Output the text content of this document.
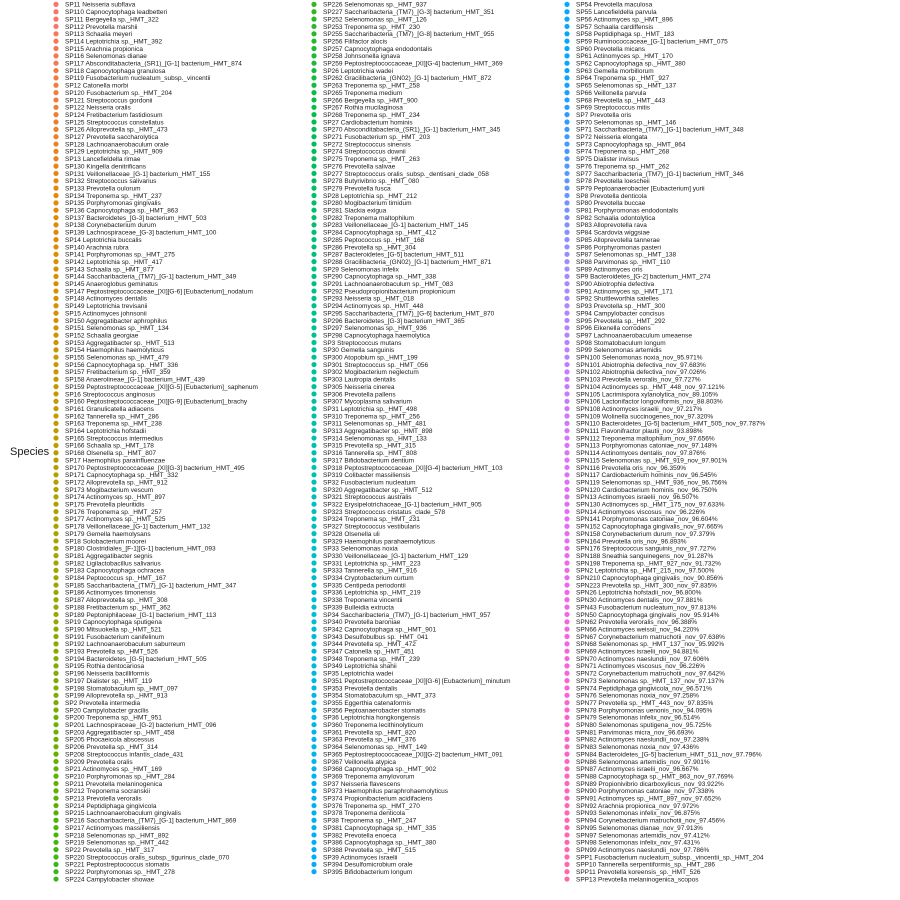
Species
SP11 Neisseria subflava
SP110 Capnocytophaga leadbetteri
SP111 Bergeyella sp._HMT_322
SP112 Prevotella marshii
SP113 Schaalia meyeri
SP114 Leptotrichia sp._HMT_392
SP115 Arachnia propionica
SP116 Selenomonas dianae
SP117 Absconditabacteria_(SR1)_[G-1] bacterium_HMT_874
SP118 Capnocytophaga granulosa
SP119 Fusobacterium nucleatum_subsp._vincentii
SP12 Catonella morbi
SP120 Fusobacterium sp._HMT_204
SP121 Streptococcus gordonii
SP122 Neisseria oralis
SP124 Fretibacterium fastidiosum
SP125 Streptococcus constellatus
SP126 Alloprevotella sp._HMT_473
SP127 Prevotella saccharolytica
SP128 Lachnoanaerobaculum orale
SP129 Leptotrichia sp._HMT_909
SP13 Lancefieldella rimae
SP130 Kingella denitrificans
SP131 Veillonellaceae_[G-1] bacterium_HMT_155
SP132 Streptococcus salivarius
SP133 Prevotella oulorum
SP134 Treponema sp._HMT_237
SP135 Porphyromonas gingivalis
SP136 Capnocytophaga sp._HMT_863
SP137 Bacteroidetes_[G-3] bacterium_HMT_503
SP138 Corynebacterium durum
SP139 Lachnospiraceae_[G-3] bacterium_HMT_100
SP14 Leptotrichia buccalis
SP140 Arachnia rubra
SP141 Porphyromonas sp._HMT_275
SP142 Leptotrichia sp._HMT_417
SP143 Schaalia sp._HMT_877
SP144 Saccharibacteria_(TM7)_[G-1] bacterium_HMT_349
SP145 Anaeroglobus geminatus
SP147 Peptostreptococcaceae_[XI][G-6] [Eubacterium]_nodatum
SP148 Actinomyces dentalis
SP149 Leptotrichia trevisanii
SP15 Actinomyces johnsonii
SP150 Aggregatibacter aphrophilus
SP151 Selenomonas sp._HMT_134
SP152 Schaalia georgiae
SP153 Aggregatibacter sp._HMT_513
SP154 Haemophilus haemolyticus
SP155 Selenomonas sp._HMT_479
SP156 Capnocytophaga sp._HMT_336
SP157 Fretibacterium sp._HMT_359
SP158 Anaerolineae_[G-1] bacterium_HMT_439
SP159 Peptostreptococcaceae_[XI][G-5] [Eubacterium]_saphenum
SP16 Streptococcus anginosus
SP160 Peptostreptococcaceae_[XI][G-9] [Eubacterium]_brachy
SP161 Granulicatella adiacens
SP162 Tannerella sp._HMT_286
SP163 Treponema sp._HMT_238
SP164 Leptotrichia hofstadii
SP165 Streptococcus intermedius
SP166 Schaalia sp._HMT_178
SP168 Olsenella sp._HMT_807
SP17 Haemophilus parainfluenzae
SP170 Peptostreptococcaceae_[XI][G-3] bacterium_HMT_495
SP171 Capnocytophaga sp._HMT_332
SP172 Alloprevotella sp._HMT_912
SP173 Mogibacterium vescum
SP174 Actinomyces sp._HMT_897
SP175 Prevotella pleuritidis
SP176 Treponema sp._HMT_257
SP177 Actinomyces sp._HMT_525
SP178 Veillonellaceae_[G-1] bacterium_HMT_132
SP179 Gemella haemolysans
SP18 Solobacterium moorei
SP180 Clostridiales_[F-1][G-1] bacterium_HMT_093
SP181 Aggregatibacter segnis
SP182 Ligilactobacillus salivarius
SP183 Capnocytophaga ochracea
SP184 Peptococcus sp._HMT_167
SP185 Saccharibacteria_(TM7)_[G-1] bacterium_HMT_347
SP186 Actinomyces timonensis
SP187 Alloprevotella sp._HMT_308
SP188 Fretibacterium sp._HMT_362
SP189 Peptoniphilaceae_[G-1] bacterium_HMT_113
SP19 Capnocytophaga sputigena
SP190 Mitsuokella sp._HMT_521
SP191 Fusobacterium canifelinum
SP192 Lachnoanaerobaculum saburreum
SP193 Prevotella sp._HMT_526
SP194 Bacteroidetes_[G-5] bacterium_HMT_505
SP195 Rothia dentocariosa
SP196 Neisseria bacilliformis
SP197 Dialister sp._HMT_119
SP198 Stomatobaculum sp._HMT_097
SP199 Alloprevotella sp._HMT_913
SP2 Prevotella intermedia
SP20 Campylobacter gracilis
SP200 Treponema sp._HMT_951
SP201 Lachnospiraceae_[G-2] bacterium_HMT_096
SP203 Aggregatibacter sp._HMT_458
SP205 Phocaeicola abscessus
SP206 Prevotella sp._HMT_314
SP208 Streptococcus infantis_clade_431
SP209 Prevotella oralis
SP21 Actinomyces sp._HMT_169
SP210 Porphyromonas sp._HMT_284
SP211 Prevotella melaninogenica
SP212 Treponema socranskii
SP213 Prevotella veroralis
SP214 Peptidiphaga gingivicola
SP215 Lachnoanaerobaculum gingivalis
SP216 Saccharibacteria_(TM7)_[G-1] bacterium_HMT_869
SP217 Actinomyces massiliensis
SP218 Selenomonas sp._HMT_892
SP219 Selenomonas sp._HMT_442
SP22 Prevotella sp._HMT_317
SP220 Streptococcus oralis_subsp._tigurinus_clade_070
SP221 Peptostreptococcus stomatis
SP222 Porphyromonas sp._HMT_278
SP224 Campylobacter showae
SP226 Selenomonas sp._HMT_937
SP227 Saccharibacteria_(TM7)_[G-3] bacterium_HMT_351
SP252 Selenomonas sp._HMT_126
SP253 Treponema sp._HMT_230
SP255 Saccharibacteria_(TM7)_[G-8] bacterium_HMT_955
SP256 Filifactor alocis
SP257 Capnocytophaga endodontalis
SP258 Johnsonella ignava
SP259 Peptostreptococcaceae_[XI][G-4] bacterium_HMT_369
SP26 Leptotrichia wadei
SP262 Gracilibacteria_(GN02)_[G-1] bacterium_HMT_872
SP263 Treponema sp._HMT_258
SP265 Treponema medium
SP266 Bergeyella sp._HMT_900
SP267 Rothia mucilaginosa
SP268 Treponema sp._HMT_234
SP27 Cardiobacterium hominis
SP270 Absconditabacteria_(SR1)_[G-1] bacterium_HMT_345
SP271 Fusobacterium sp._HMT_203
SP272 Streptococcus sinensis
SP274 Streptococcus downii
SP275 Treponema sp._HMT_263
SP276 Prevotella salivae
SP277 Streptococcus oralis_subsp._dentisani_clade_058
SP278 Butyrivibrio sp._HMT_080
SP279 Prevotella fusca
SP28 Leptotrichia sp._HMT_212
SP280 Mogibacterium timidum
SP281 Slackia exigua
SP282 Treponema maltophilum
SP283 Veillonellaceae_[G-1] bacterium_HMT_145
SP284 Capnocytophaga sp._HMT_412
SP285 Peptococcus sp._HMT_168
SP286 Prevotella sp._HMT_304
SP287 Bacteroidetes_[G-5] bacterium_HMT_511
SP288 Gracilibacteria_(GN02)_[G-1] bacterium_HMT_871
SP29 Selenomonas infelix
SP290 Capnocytophaga sp._HMT_338
SP291 Lachnoanaerobaculum sp._HMT_083
SP292 Pseudopropionibacterium propionicum
SP293 Neisseria sp._HMT_018
SP294 Actinomyces sp._HMT_448
SP295 Saccharibacteria_(TM7)_[G-6] bacterium_HMT_870
SP296 Bacteroidetes_[G-3] bacterium_HMT_365
SP297 Selenomonas sp._HMT_936
SP298 Capnocytophaga haemolytica
SP3 Streptococcus mutans
SP30 Gemella sanguinis
SP300 Atopobium sp._HMT_199
SP301 Streptococcus sp._HMT_056
SP302 Mogibacterium neglectum
SP303 Lautropia dentalis
SP305 Neisseria cinerea
SP306 Prevotella pallens
SP307 Mycoplasma salivarium
SP31 Leptotrichia sp._HMT_498
SP310 Treponema sp._HMT_256
SP311 Selenomonas sp._HMT_481
SP313 Aggregatibacter sp._HMT_898
SP314 Selenomonas sp._HMT_133
SP315 Prevotella sp._HMT_315
SP316 Tannerella sp._HMT_808
SP317 Bifidobacterium dentium
SP318 Peptostreptococcaceae_[XI][G-4] bacterium_HMT_103
SP319 Colibacter massiliensis
SP32 Fusobacterium nucleatum
SP320 Aggregatibacter sp._HMT_512
SP321 Streptococcus australis
SP322 Erysipelotrichaceae_[G-1] bacterium_HMT_905
SP323 Streptococcus cristatus_clade_578
SP324 Treponema sp._HMT_231
SP327 Streptococcus vestibularis
SP328 Olsenella uli
SP329 Haemophilus parahaemolyticus
SP33 Selenomonas noxia
SP330 Veillonellaceae_[G-1] bacterium_HMT_129
SP331 Leptotrichia sp._HMT_223
SP333 Tannerella sp._HMT_916
SP334 Cryptobacterium curtum
SP335 Centipeda periodontii
SP336 Leptotrichia sp._HMT_219
SP338 Treponema vincentii
SP339 Bulleidia extructa
SP34 Saccharibacteria_(TM7)_[G-1] bacterium_HMT_957
SP340 Prevotella baroniae
SP342 Capnocytophaga sp._HMT_901
SP343 Desulfobulbus sp._HMT_041
SP344 Prevotella sp._HMT_472
SP347 Catonella sp._HMT_451
SP348 Treponema sp._HMT_239
SP349 Leptotrichia shahii
SP35 Leptotrichia wadei
SP351 Peptostreptococcaceae_[XI][G-6] [Eubacterium]_minutum
SP353 Prevotella dentalis
SP354 Stomatobaculum sp._HMT_373
SP355 Eggerthia catenaformis
SP356 Peptoanaerobacter stomatis
SP36 Leptotrichia hongkongensis
SP360 Treponema lecithinolyticum
SP361 Prevotella sp._HMT_820
SP363 Prevotella sp._HMT_376
SP364 Selenomonas sp._HMT_149
SP365 Peptostreptococcaceae_[XI][G-2] bacterium_HMT_091
SP367 Veillonella atypica
SP368 Capnocytophaga sp._HMT_902
SP369 Treponema amylovorum
SP37 Neisseria flavescens
SP373 Haemophilus paraphrohaemolyticus
SP374 Propionibacterium acidifaciens
SP376 Treponema sp._HMT_270
SP378 Treponema denticola
SP38 Treponema sp._HMT_247
SP381 Capnocytophaga sp._HMT_335
SP382 Prevotella enoeca
SP386 Capnocytophaga sp._HMT_380
SP388 Prevotella sp._HMT_515
SP39 Actinomyces israelii
SP394 Desulfomicrobium orale
SP395 Bifidobacterium longum
SP54 Prevotella maculosa
SP55 Lancefieldella parvula
SP56 Actinomyces sp._HMT_896
SP57 Schaalia cardiffensis
SP58 Peptidiphaga sp._HMT_183
SP59 Ruminococcaceae_[G-1] bacterium_HMT_075
SP60 Prevotella micans
SP61 Actinomyces sp._HMT_170
SP62 Capnocytophaga sp._HMT_380
SP63 Gemella morbillorum
SP64 Treponema sp._HMT_927
SP65 Selenomonas sp._HMT_137
SP66 Veillonella parvula
SP68 Prevotella sp._HMT_443
SP69 Streptococcus mitis
SP7 Prevotella oris
SP70 Selenomonas sp._HMT_146
SP71 Saccharibacteria_(TM7)_[G-1] bacterium_HMT_348
SP72 Neisseria elongata
SP73 Capnocytophaga sp._HMT_864
SP74 Treponema sp._HMT_268
SP75 Dialister invisus
SP76 Treponema sp._HMT_262
SP77 Saccharibacteria_(TM7)_[G-1] bacterium_HMT_346
SP78 Prevotella loescheii
SP79 Peptoanaerobacter [Eubacterium] yurii
SP8 Prevotella denticola
SP80 Prevotella buccae
SP81 Porphyromonas endodontalis
SP82 Schaalia odontolytica
SP83 Alloprevotella rava
SP84 Scardovia wiggsiae
SP85 Alloprevotella tannerae
SP86 Porphyromonas pasteri
SP87 Selenomonas sp._HMT_138
SP88 Parvimonas sp._HMT_110
SP89 Actinomyces oris
SP9 Bacteroidetes_[G-2] bacterium_HMT_274
SP90 Abiotrophia defectiva
SP91 Actinomyces sp._HMT_171
SP92 Shuttleworthia satelles
SP93 Prevotella sp._HMT_300
SP94 Campylobacter concisus
SP95 Prevotella sp._HMT_292
SP96 Eikenella corrodens
SP97 Lachnoanaerobaculum umeaense
SP98 Stomatobaculum longum
SP99 Selenomonas artemidis
SPN100 Selenomonas noxia_nov_95.971%
SPN101 Abiotrophia defectiva_nov_97.683%
SPN102 Abiotrophia defectiva_nov_97.026%
SPN103 Prevotella veroralis_nov_97.727%
SPN104 Actinomyces sp._HMT_448_nov_97.121%
SPN105 Lacrimispora xylanolytica_nov_89.105%
SPN106 Lactonifactor longoviformis_nov_88.803%
SPN108 Actinomyces israelii_nov_97.217%
SPN109 Wolinella succinogenes_nov_97.320%
SPN110 Bacteroidetes_[G-5] bacterium_HMT_505_nov_97.787%
SPN111 Flavonifractor plautii_nov_93.898%
SPN112 Treponema maltophilum_nov_97.656%
SPN113 Porphyromonas catoniae_nov_97.148%
SPN114 Actinomyces dentalis_nov_97.876%
SPN115 Selenomonas sp._HMT_919_nov_97.901%
SPN116 Prevotella oris_nov_96.359%
SPN117 Cardiobacterium hominis_nov_96.545%
SPN119 Selenomonas sp._HMT_936_nov_96.756%
SPN120 Cardiobacterium hominis_nov_96.750%
SPN13 Actinomyces israelii_nov_96.507%
SPN130 Actinomyces sp._HMT_175_nov_97.633%
SPN14 Actinomyces viscosus_nov_96.226%
SPN141 Porphyromonas catoniae_nov_96.604%
SPN152 Capnocytophaga gingivalis_nov_97.665%
SPN158 Corynebacterium durum_nov_97.379%
SPN164 Prevotella oris_nov_96.893%
SPN176 Streptococcus sanguinis_nov_97.727%
SPN188 Sneathia sanguinegens_nov_91.287%
SPN198 Treponema sp._HMT_927_nov_91.732%
SPN2 Leptotrichia sp._HMT_215_nov_97.500%
SPN210 Capnocytophaga gingivalis_nov_90.856%
SPN223 Prevotella sp._HMT_300_nov_97.835%
SPN26 Leptotrichia hofstadii_nov_96.800%
SPN30 Actinomyces dentalis_nov_97.881%
SPN43 Fusobacterium nucleatum_nov_97.813%
SPN50 Capnocytophaga gingivalis_nov_95.914%
SPN62 Prevotella veroralis_nov_96.388%
SPN66 Actinomyces weissii_nov_94.220%
SPN67 Corynebacterium matruchotii_nov_97.638%
SPN68 Selenomonas sp._HMT_137_nov_95.992%
SPN69 Actinomyces israelii_nov_94.881%
SPN70 Actinomyces naeslundii_nov_97.606%
SPN71 Actinomyces viscosus_nov_96.226%
SPN72 Corynebacterium matruchotii_nov_97.642%
SPN73 Selenomonas sp._HMT_137_nov_97.137%
SPN74 Peptidiphaga gingivicola_nov_96.571%
SPN76 Selenomonas noxia_nov_97.258%
SPN77 Prevotella sp._HMT_443_nov_97.835%
SPN78 Porphyromonas uenonis_nov_94.095%
SPN79 Selenomonas infelix_nov_96.514%
SPN80 Selenomonas sputigena_nov_95.725%
SPN81 Parvimonas micra_nov_96.693%
SPN82 Actinomyces naeslundii_nov_97.238%
SPN83 Selenomonas noxia_nov_97.436%
SPN84 Bacteroidetes_[G-5] bacterium_HMT_511_nov_97.796%
SPN86 Selenomonas artemidis_nov_97.901%
SPN87 Actinomyces israelii_nov_96.667%
SPN88 Capnocytophaga sp._HMT_863_nov_97.769%
SPN89 Propionivibrio dicarboxylicus_nov_93.922%
SPN90 Porphyromonas catoniae_nov_97.338%
SPN91 Actinomyces sp._HMT_897_nov_97.652%
SPN92 Arachnia propionica_nov_97.972%
SPN93 Selenomonas infelix_nov_96.875%
SPN94 Corynebacterium matruchotii_nov_97.456%
SPN95 Selenomonas dianae_nov_97.913%
SPN97 Selenomonas artemidis_nov_97.412%
SPN98 Selenomonas infelix_nov_97.431%
SPN99 Actinomyces naeslundii_nov_97.786%
SPP1 Fusobacterium nucleatum_subsp._vincentii_sp._HMT_204
SPP10 Tannerella serpentiformis_sp._HMT_286
SPP11 Prevotella koreensis_sp._HMT_526
SPP13 Prevotella melaninogenica_scopos
